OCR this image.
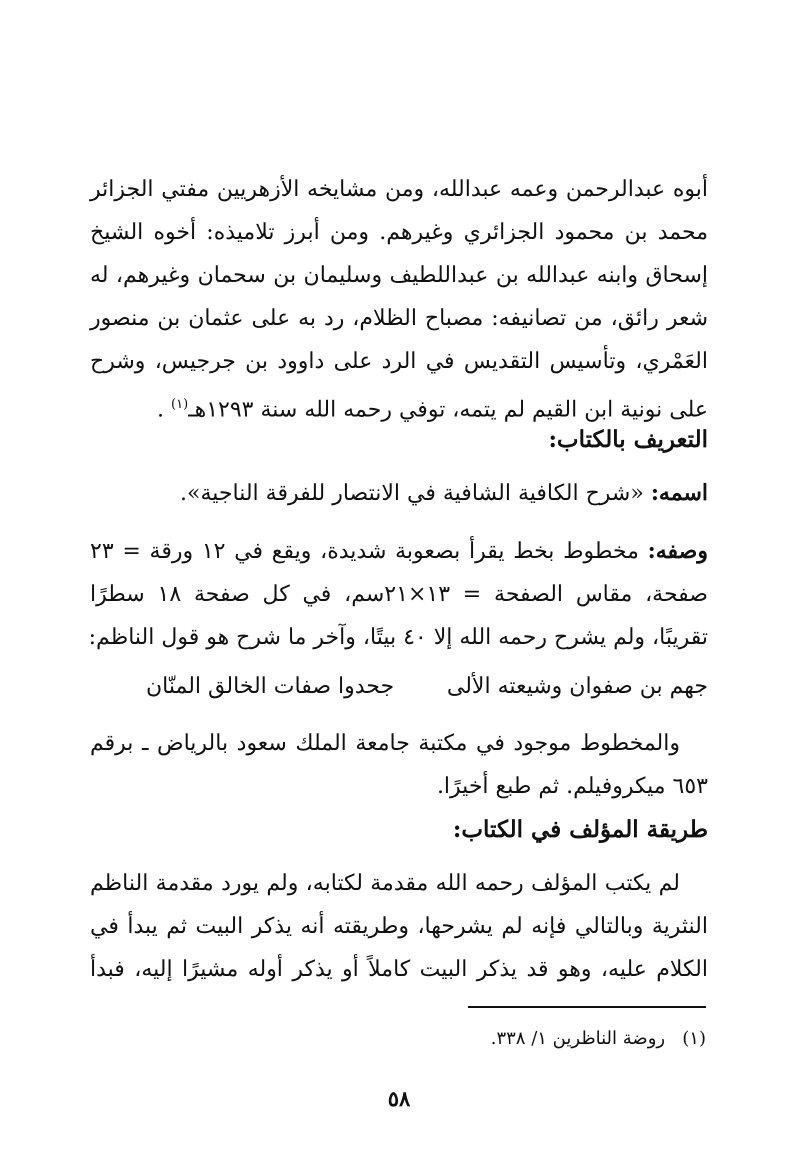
أبوه عبدالرحمن وعمه عبدالله، ومن مشايخه الأزهريين مفتي الجزائر
محمد بن محمود الجزائري وغيرهم. ومن أبرز تلاميذه: أخوه الشيخ
إسحاق وابنه عبدالله بن عبداللطيف وسليمان بن سحمان وغيرهم، له
شعر رائق، من تصانيفه: مصباح الظلام، رد به على عثمان بن منصور
العَمْري، وتأسيس التقديس في الرد على داوود بن جرجيس، وشرح
على نونية ابن القيم لم يتمه، توفي رحمه الله سنة ١٢٩٣هـ$^{(١)}$ .
التعريف بالكتاب:
اسمه: «شرح الكافية الشافية في الانتصار للفرقة الناجية».
وصفه: مخطوط بخط يقرأ بصعوبة شديدة، ويقع في ١٢ ورقة = ٢٣
صفحة، مقاس الصفحة = ١٣×٢١سم، في كل صفحة ١٨ سطرًا
تقريبًا، ولم يشرح رحمه الله إلا ٤٠ بيتًا، وآخر ما شرح هو قول الناظم:
جهم بن صفوان وشيعته الألى
جحدوا صفات الخالق المنّان
والمخطوط موجود في مكتبة جامعة الملك سعود بالرياض ـ برقم
٦٥٣ ميكروفيلم. ثم طبع أخيرًا.
طريقة المؤلف في الكتاب:
لم يكتب المؤلف رحمه الله مقدمة لكتابه، ولم يورد مقدمة الناظم
النثرية وبالتالي فإنه لم يشرحها، وطريقته أنه يذكر البيت ثم يبدأ في
الكلام عليه، وهو قد يذكر البيت كاملاً أو يذكر أوله مشيرًا إليه، فبدأ
(١)   روضة الناظرين ١/ ٣٣٨.
٥٨
